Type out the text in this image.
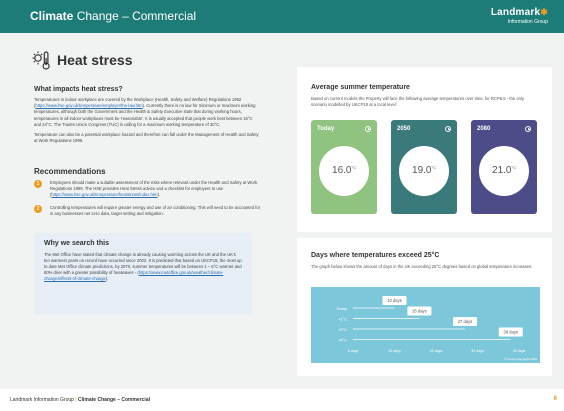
Climate Change – Commercial	Landmark✱
Information Group
Heat stress
What impacts heat stress?

Temperatures in indoor workplace are covered by the Workplace (Health, Safety and Welfare) Regulations 1992 (https://www.hse.gov.uk/temperature/employer/the-law.htm). Currently there is no law for minimum or maximum working temperatures, although both the Government and the Health & Safety Executive state that during working hours, temperatures in all indoor workplaces must be 'reasonable'. It is usually accepted that people work best between 16°C and 24°C. The Trades Union Congress (TUC) is calling for a maximum working temperature of 30°C.

Temperature can also be a potential workplace hazard and therefore can fall under the Management of Health and Safety at Work Regulations 1999.

Recommendations
1	Employees should make a suitable assessment of the risks where relevant under the Health and Safety at Work Regulations 1999. The HSE provides Heat Stress advice and a checklist for employers to use (https://www.hse.gov.uk/temperature/heatstress/index.htm).
2	Controlling temperatures will require greater energy and use of air conditioning. This will need to be accounted for in any businesses net zero data, target setting and mitigation.
Why we search this

The Met Office have stated that climate change is already causing warming across the UK and the UK's ten warmest years on record have occurred since 2002. It is predicted that based on UKCP18, the most up to date Met Office climate predictions, by 2070, summer temperatures will be between 1 – 6°C warmer and 80% drier with a greater possibility of heatwaves - (https://www.metoffice.gov.uk/weather/climate-change/effects-of-climate-change).

Average summer temperature
Based on current models the Property will face the following average temperatures over time, for RCP8.5 - the only scenario modelled by UKCP18 at a local level:
Today
$16.0^{^\circ C}$
2050
$19.0^{^\circ C}$
2080
$21.0^{^\circ C}$
Days where temperatures exceed 25°C
The graph below shows the amount of days in the UK exceeding 25°C degrees based on global temperature increases:
Today
10 days
+1°C
16 days
+2°C
27 days
+4°C
38 days
0 days	10 days	20 days	30 days	40 days
© Crown Copyright 2019
Landmark Information Group | Climate Change – Commercial	6
